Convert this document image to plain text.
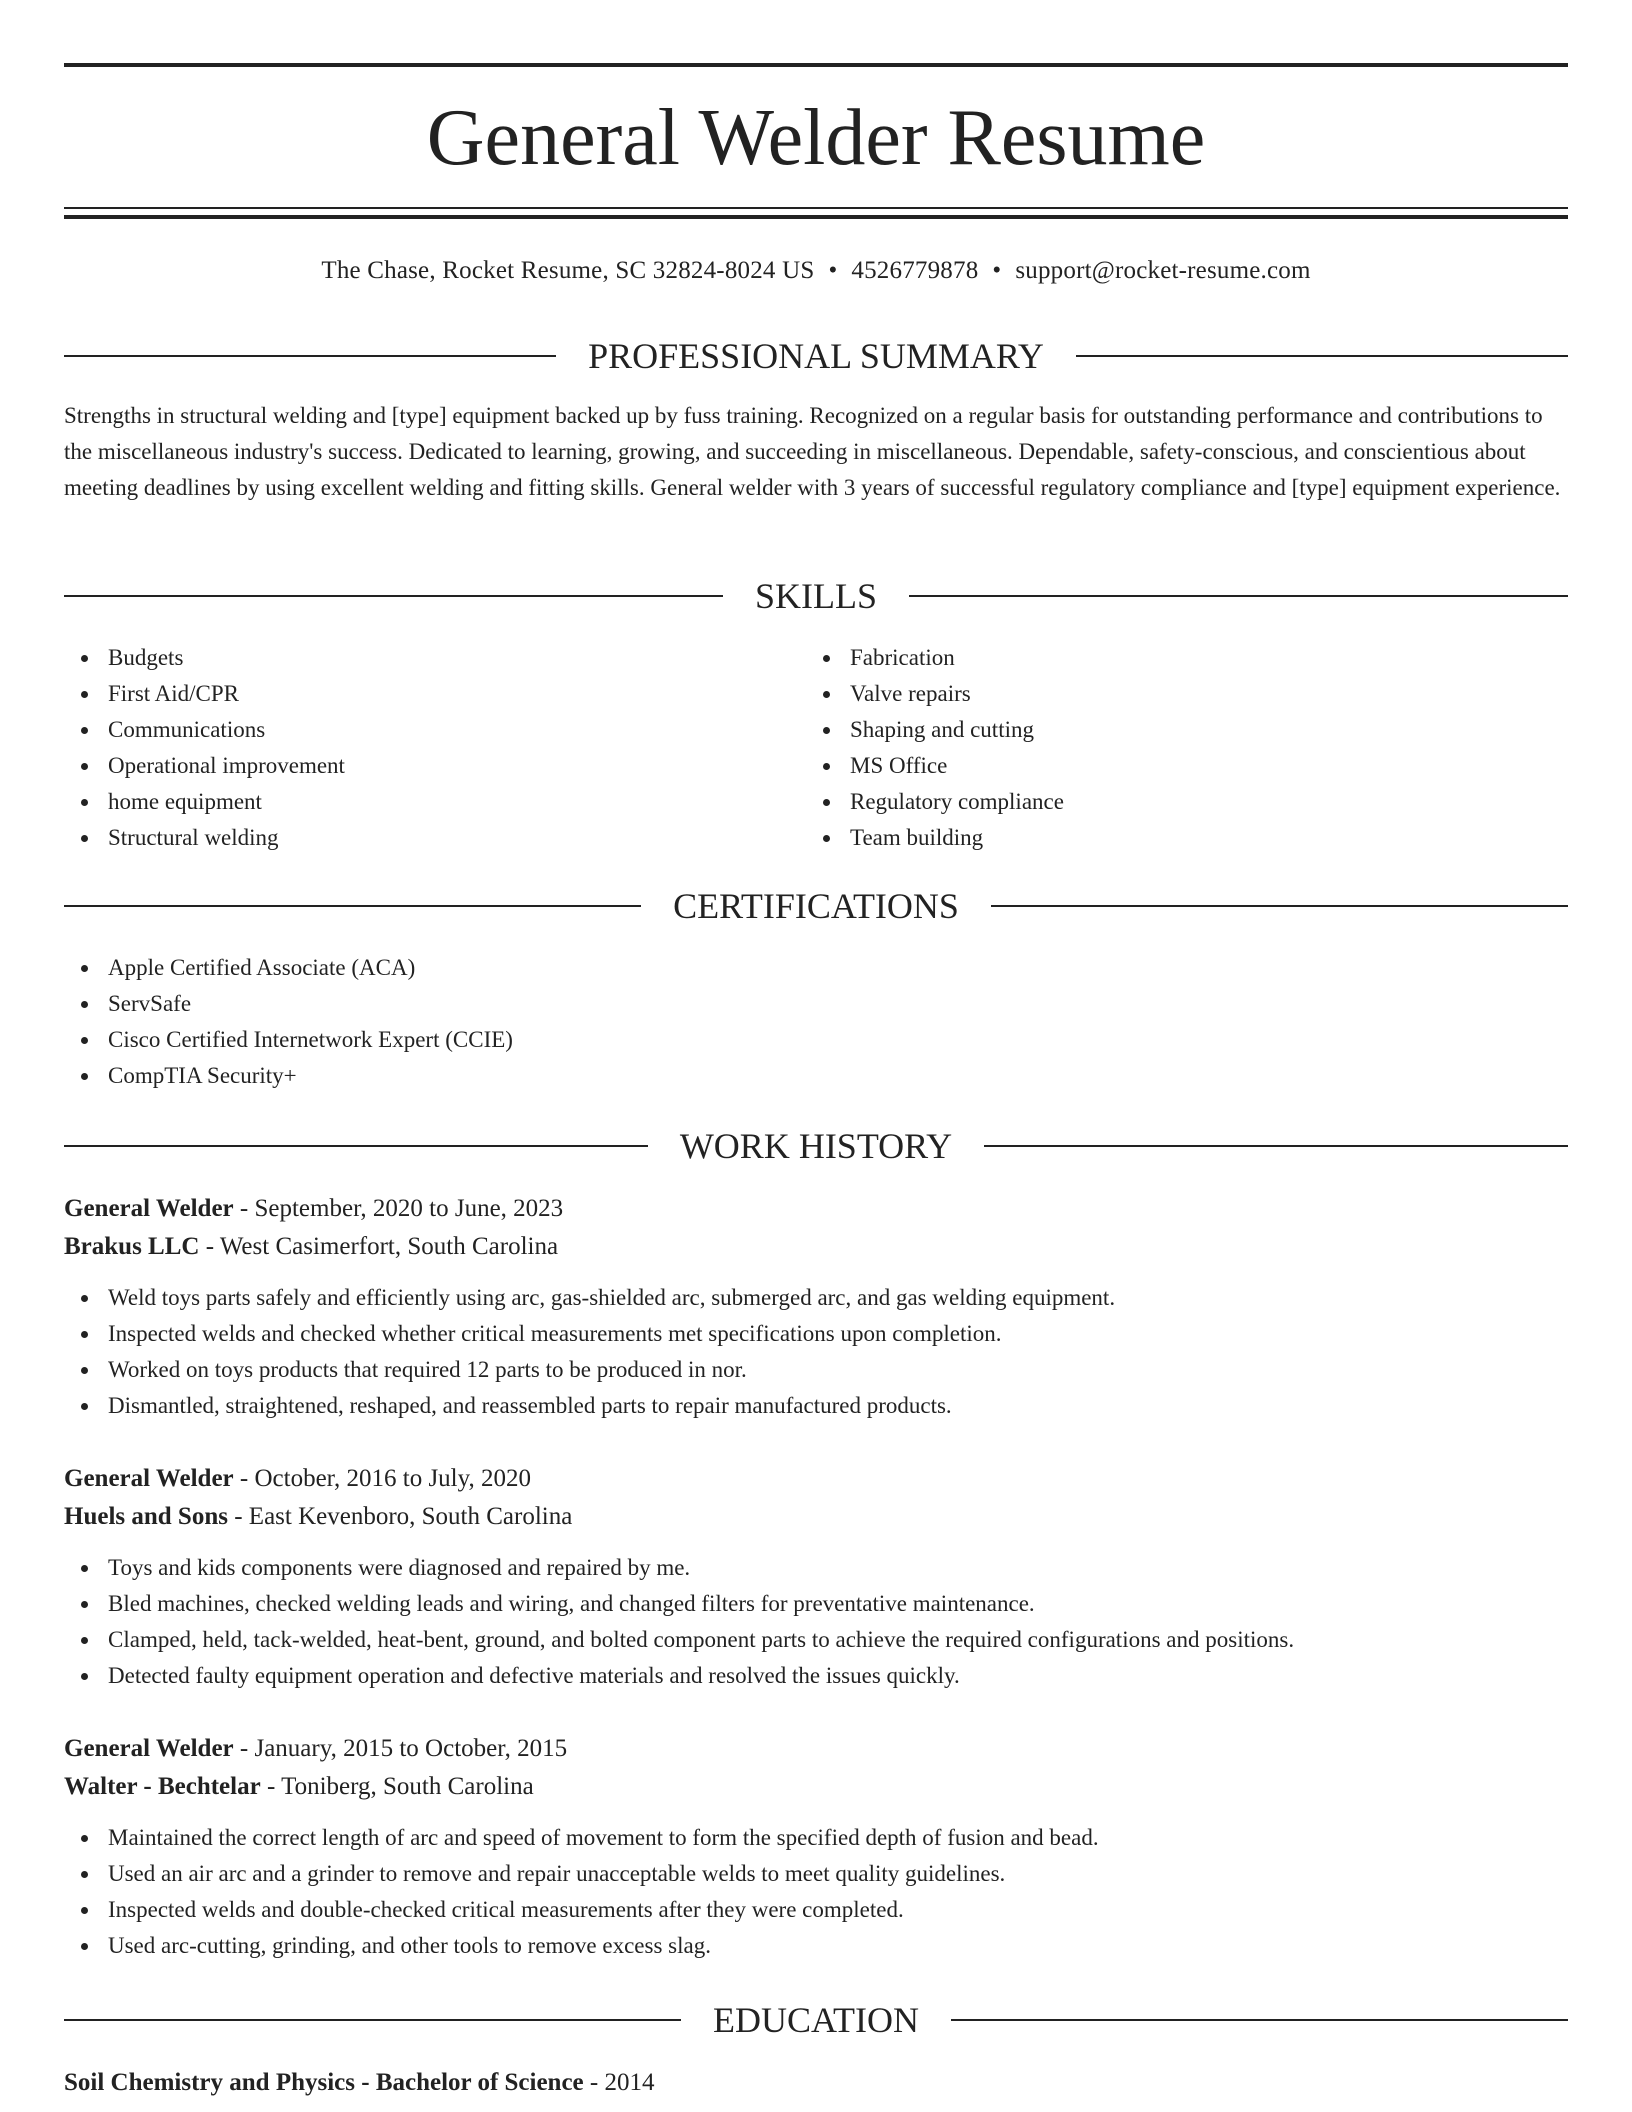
General Welder Resume
The Chase, Rocket Resume, SC 32824-8024 US • 4526779878 • support@rocket-resume.com
PROFESSIONAL SUMMARY

Strengths in structural welding and [type] equipment backed up by fuss training. Recognized on a regular basis for outstanding performance and contributions to the miscellaneous industry's success. Dedicated to learning, growing, and succeeding in miscellaneous. Dependable, safety-conscious, and conscientious about meeting deadlines by using excellent welding and fitting skills. General welder with 3 years of successful regulatory compliance and [type] equipment experience.

SKILLS
Budgets
First Aid/CPR
Communications
Operational improvement
home equipment
Structural welding
Fabrication
Valve repairs
Shaping and cutting
MS Office
Regulatory compliance
Team building
CERTIFICATIONS
Apple Certified Associate (ACA)
ServSafe
Cisco Certified Internetwork Expert (CCIE)
CompTIA Security+
WORK HISTORY
General Welder - September, 2020 to June, 2023
Brakus LLC - West Casimerfort, South Carolina
Weld toys parts safely and efficiently using arc, gas-shielded arc, submerged arc, and gas welding equipment.
Inspected welds and checked whether critical measurements met specifications upon completion.
Worked on toys products that required 12 parts to be produced in nor.
Dismantled, straightened, reshaped, and reassembled parts to repair manufactured products.
General Welder - October, 2016 to July, 2020
Huels and Sons - East Kevenboro, South Carolina
Toys and kids components were diagnosed and repaired by me.
Bled machines, checked welding leads and wiring, and changed filters for preventative maintenance.
Clamped, held, tack-welded, heat-bent, ground, and bolted component parts to achieve the required configurations and positions.
Detected faulty equipment operation and defective materials and resolved the issues quickly.
General Welder - January, 2015 to October, 2015
Walter - Bechtelar - Toniberg, South Carolina
Maintained the correct length of arc and speed of movement to form the specified depth of fusion and bead.
Used an air arc and a grinder to remove and repair unacceptable welds to meet quality guidelines.
Inspected welds and double-checked critical measurements after they were completed.
Used arc-cutting, grinding, and other tools to remove excess slag.
EDUCATION
Soil Chemistry and Physics - Bachelor of Science - 2014
